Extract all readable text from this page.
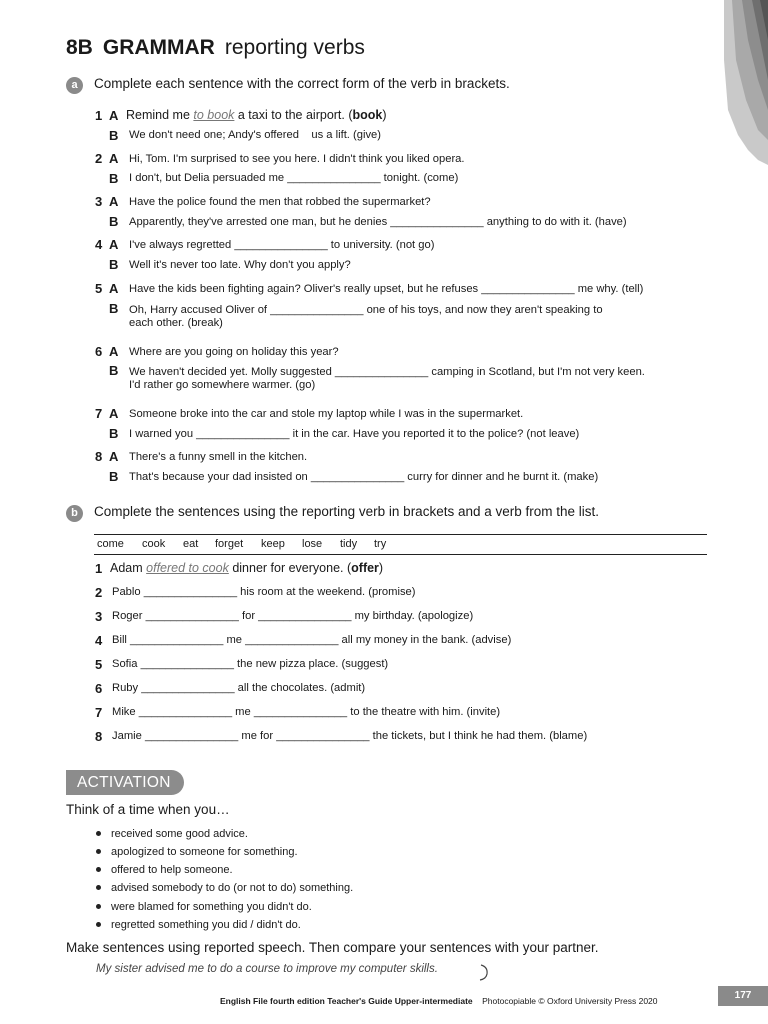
8B GRAMMAR reporting verbs
a	Complete each sentence with the correct form of the verb in brackets.
1 A Remind me to book a taxi to the airport. (book)
B We don't need one; Andy's offered    us a lift. (give)
2 A Hi, Tom. I'm surprised to see you here. I didn't think you liked opera.
B I don't, but Delia persuaded me _______________ tonight. (come)
3 A Have the police found the men that robbed the supermarket?
B Apparently, they've arrested one man, but he denies _______________ anything to do with it. (have)
4 A I've always regretted _______________ to university. (not go)
B Well it's never too late. Why don't you apply?
5 A Have the kids been fighting again? Oliver's really upset, but he refuses _______________ me why. (tell)
B Oh, Harry accused Oliver of _______________ one of his toys, and now they aren't speaking to
each other. (break)
6 A Where are you going on holiday this year?
B We haven't decided yet. Molly suggested _______________ camping in Scotland, but I'm not very keen.
I'd rather go somewhere warmer. (go)
7 A Someone broke into the car and stole my laptop while I was in the supermarket.
B I warned you _______________ it in the car. Have you reported it to the police? (not leave)
8 A There's a funny smell in the kitchen.
B That's because your dad insisted on _______________ curry for dinner and he burnt it. (make)
b	Complete the sentences using the reporting verb in brackets and a verb from the list.
come cook eat forget keep lose tidy try
1 Adam offered to cook dinner for everyone. (offer)
2 Pablo _______________ his room at the weekend. (promise)
3 Roger _______________ for _______________ my birthday. (apologize)
4 Bill _______________ me _______________ all my money in the bank. (advise)
5 Sofia _______________ the new pizza place. (suggest)
6 Ruby _______________ all the chocolates. (admit)
7 Mike _______________ me _______________ to the theatre with him. (invite)
8 Jamie _______________ me for _______________ the tickets, but I think he had them. (blame)
ACTIVATION
Think of a time when you…
received some good advice.
apologized to someone for something.
offered to help someone.
advised somebody to do (or not to do) something.
were blamed for something you didn't do.
regretted something you did / didn't do.
Make sentences using reported speech. Then compare your sentences with your partner.
My sister advised me to do a course to improve my computer skills.
English File fourth edition Teacher's Guide Upper-intermediate Photocopiable © Oxford University Press 2020	177
